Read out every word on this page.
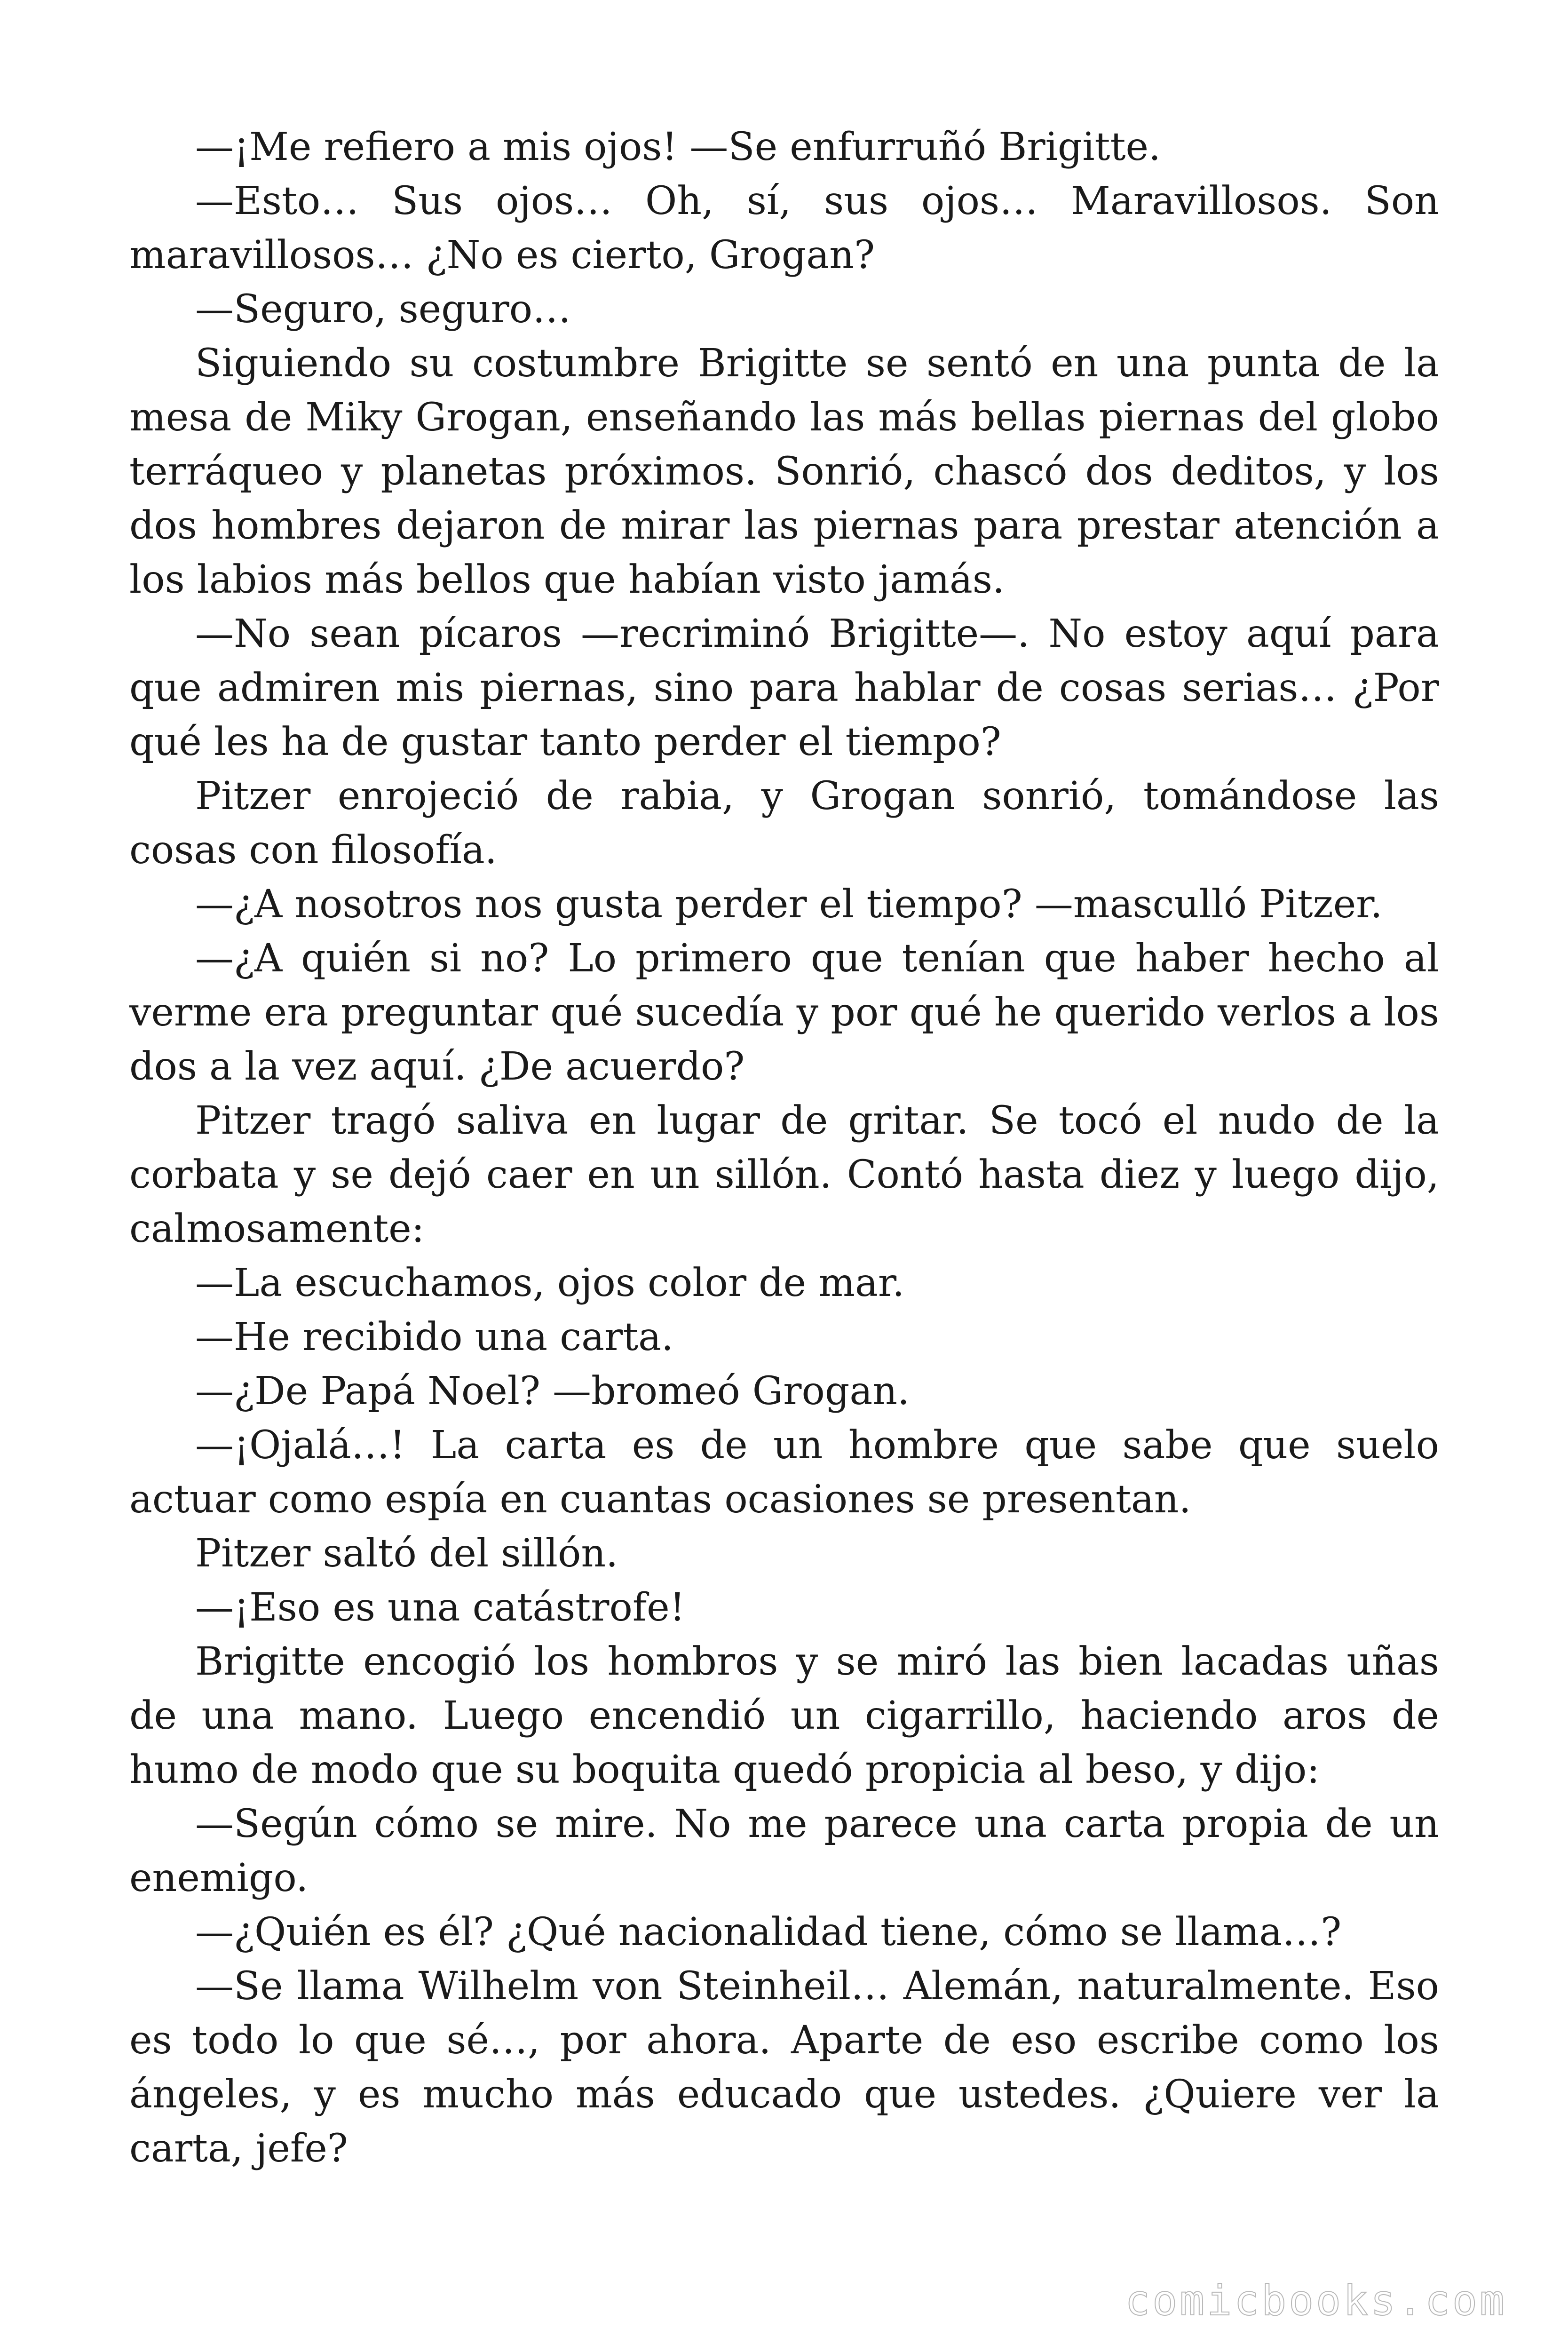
—¡Me refiero a mis ojos! —Se enfurruñó Brigitte.

—Esto… Sus ojos… Oh, sí, sus ojos… Maravillosos. Son maravillosos… ¿No es cierto, Grogan?

—Seguro, seguro…

Siguiendo su costumbre Brigitte se sentó en una punta de la mesa de Miky Grogan, enseñando las más bellas piernas del globo terráqueo y planetas próximos. Sonrió, chascó dos deditos, y los dos hombres dejaron de mirar las piernas para prestar atención a los labios más bellos que habían visto jamás.

—No sean pícaros —recriminó Brigitte—. No estoy aquí para que admiren mis piernas, sino para hablar de cosas serias… ¿Por qué les ha de gustar tanto perder el tiempo?

Pitzer enrojeció de rabia, y Grogan sonrió, tomándose las cosas con filosofía.

—¿A nosotros nos gusta perder el tiempo? —masculló Pitzer.

—¿A quién si no? Lo primero que tenían que haber hecho al verme era preguntar qué sucedía y por qué he querido verlos a los dos a la vez aquí. ¿De acuerdo?

Pitzer tragó saliva en lugar de gritar. Se tocó el nudo de la corbata y se dejó caer en un sillón. Contó hasta diez y luego dijo, calmosamente:

—La escuchamos, ojos color de mar.

—He recibido una carta.

—¿De Papá Noel? —bromeó Grogan.

—¡Ojalá…! La carta es de un hombre que sabe que suelo actuar como espía en cuantas ocasiones se presentan.

Pitzer saltó del sillón.

—¡Eso es una catástrofe!

Brigitte encogió los hombros y se miró las bien lacadas uñas de una mano. Luego encendió un cigarrillo, haciendo aros de humo de modo que su boquita quedó propicia al beso, y dijo:

—Según cómo se mire. No me parece una carta propia de un enemigo.

—¿Quién es él? ¿Qué nacionalidad tiene, cómo se llama…?

—Se llama Wilhelm von Steinheil… Alemán, naturalmente. Eso es todo lo que sé…, por ahora. Aparte de eso escribe como los ángeles, y es mucho más educado que ustedes. ¿Quiere ver la carta, jefe?

comicbooks.com
